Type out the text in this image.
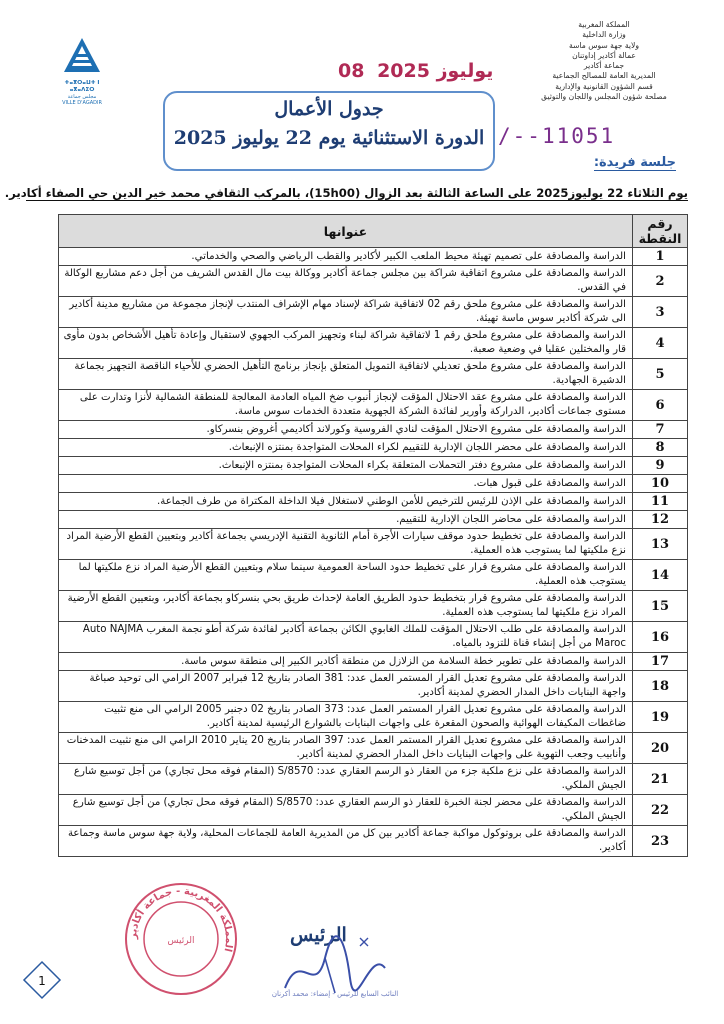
المملكة المغربية
وزارة الداخلية
ولاية جهة سوس ماسة
عمالة أكادير إداوتنان
جماعة أكادير
المديرية العامة للمصالح الجماعية
قسم الشؤون القانونية والإدارية
مصلحة شؤون المجلس واللجان والتوثيق
ⵜⴰⴳⵔⴰⵡⵜ ⵏ ⴰⴳⴰⴷⵉⵔ
مجلس جماعة
VILLE D'AGADIR
يوليوز 2025 08
جدول الأعمال
الدورة الاستثنائية يوم 22 يوليوز 2025 /--11051
جلسة فريدة:
يوم الثلاثاء 22 يوليوز2025 على الساعة الثالثة بعد الزوال (15h00)، بالمركب الثقافي محمد خير الدين حي الصفاء أكادير.
رقم النقطة	عنوانها
1	الدراسة والمصادقة على تصميم تهيئة محيط الملعب الكبير لأكادير والقطب الرياضي والصحي والخدماتي.
2	الدراسة والمصادقة على مشروع اتفاقية شراكة بين مجلس جماعة أكادير ووكالة بيت مال القدس الشريف من أجل دعم مشاريع الوكالة في القدس.
3	الدراسة والمصادقة على مشروع ملحق رقم 02 لاتفاقية شراكة لإسناد مهام الإشراف المنتدب لإنجاز مجموعة من مشاريع مدينة أكادير الى شركة أكادير سوس ماسة تهيئة.
4	الدراسة والمصادقة على مشروع ملحق رقم 1 لاتفاقية شراكة لبناء وتجهيز المركب الجهوي لاستقبال وإعادة تأهيل الأشخاص بدون مأوى قار والمختلين عقليا في وضعية صعبة.
5	الدراسة والمصادقة على مشروع ملحق تعديلي لاتفاقية التمويل المتعلق بإنجاز برنامج التأهيل الحضري للأحياء الناقصة التجهيز بجماعة الدشيرة الجهادية.
6	الدراسة والمصادقة على مشروع عقد الاحتلال المؤقت لإنجاز أنبوب ضخ المياه العادمة المعالجة للمنطقة الشمالية لأنزا وتدارت على مستوى جماعات أكادير، الدراركة وأورير لفائدة الشركة الجهوية متعددة الخدمات سوس ماسة.
7	الدراسة والمصادقة على مشروع الاحتلال المؤقت لنادي الفروسية وكورلاند أكاديمي أغروض بنسركاو.
8	الدراسة والمصادقة على محضر اللجان الإدارية للتقييم لكراء المحلات المتواجدة بمنتزه الإنبعاث.
9	الدراسة والمصادقة على مشروع دفتر التحملات المتعلقة بكراء المحلات المتواجدة بمنتزه الإنبعاث.
10	الدراسة والمصادقة على قبول هبات.
11	الدراسة والمصادقة على الإذن للرئيس للترخيص للأمن الوطني لاستغلال فيلا الداخلة المكتراة من طرف الجماعة.
12	الدراسة والمصادقة على محاضر اللجان الإدارية للتقييم.
13	الدراسة والمصادقة على تخطيط حدود موقف سيارات الأجرة أمام الثانوية التقنية الإدريسي بجماعة أكادير وبتعيين القطع الأرضية المراد نزع ملكيتها لما يستوجب هذه العملية.
14	الدراسة والمصادقة على مشروع قرار على تخطيط حدود الساحة العمومية سينما سلام وبتعيين القطع الأرضية المراد نزع ملكيتها لما يستوجب هذه العملية.
15	الدراسة والمصادقة على مشروع قرار بتخطيط حدود الطريق العامة لإحداث طريق بحي بنسركاو بجماعة أكادير، وبتعيين القطع الأرضية المراد نزع ملكيتها لما يستوجب هذه العملية.
16	الدراسة والمصادقة على طلب الاحتلال المؤقت للملك الغابوي الكائن بجماعة أكادير لفائدة شركة أطو نجمة المغرب Auto NAJMA Maroc من أجل إنشاء قناة للتزود بالمياه.
17	الدراسة والمصادقة على تطوير خطة السلامة من الزلازل من منطقة أكادير الكبير إلى منطقة سوس ماسة.
18	الدراسة والمصادقة على مشروع تعديل القرار المستمر العمل عدد: 381 الصادر بتاريخ 12 فبراير 2007 الرامي الى توحيد صباغة واجهة البنايات داخل المدار الحضري لمدينة أكادير.
19	الدراسة والمصادقة على مشروع تعديل القرار المستمر العمل عدد: 373 الصادر بتاريخ 02 دجنبر 2005 الرامي الى منع تثبيت ضاغطات المكيفات الهوائية والصحون المقعرة على واجهات البنايات بالشوارع الرئيسية لمدينة أكادير.
20	الدراسة والمصادقة على مشروع تعديل القرار المستمر العمل عدد: 397 الصادر بتاريخ 20 يناير 2010 الرامي الى منع تثبيت المدخنات وأنابيب وجعب التهوية على واجهات البنايات داخل المدار الحضري لمدينة أكادير.
21	الدراسة والمصادقة على نزع ملكية جزء من العقار ذو الرسم العقاري عدد: S/8570 (المقام فوقه محل تجاري) من أجل توسيع شارع الجيش الملكي.
22	الدراسة والمصادقة على محضر لجنة الخبرة للعقار ذو الرسم العقاري عدد: S/8570 (المقام فوقه محل تجاري) من أجل توسيع شارع الجيش الملكي.
23	الدراسة والمصادقة على بروتوكول مواكبة جماعة أكادير بين كل من المديرية العامة للجماعات المحلية، ولاية جهة سوس ماسة وجماعة أكادير.
المملكة المغربية - جماعة أكادير
الرئيس	الرئيس
النائب السابع للرئيس - إمضاء: محمد أكرنان
1
